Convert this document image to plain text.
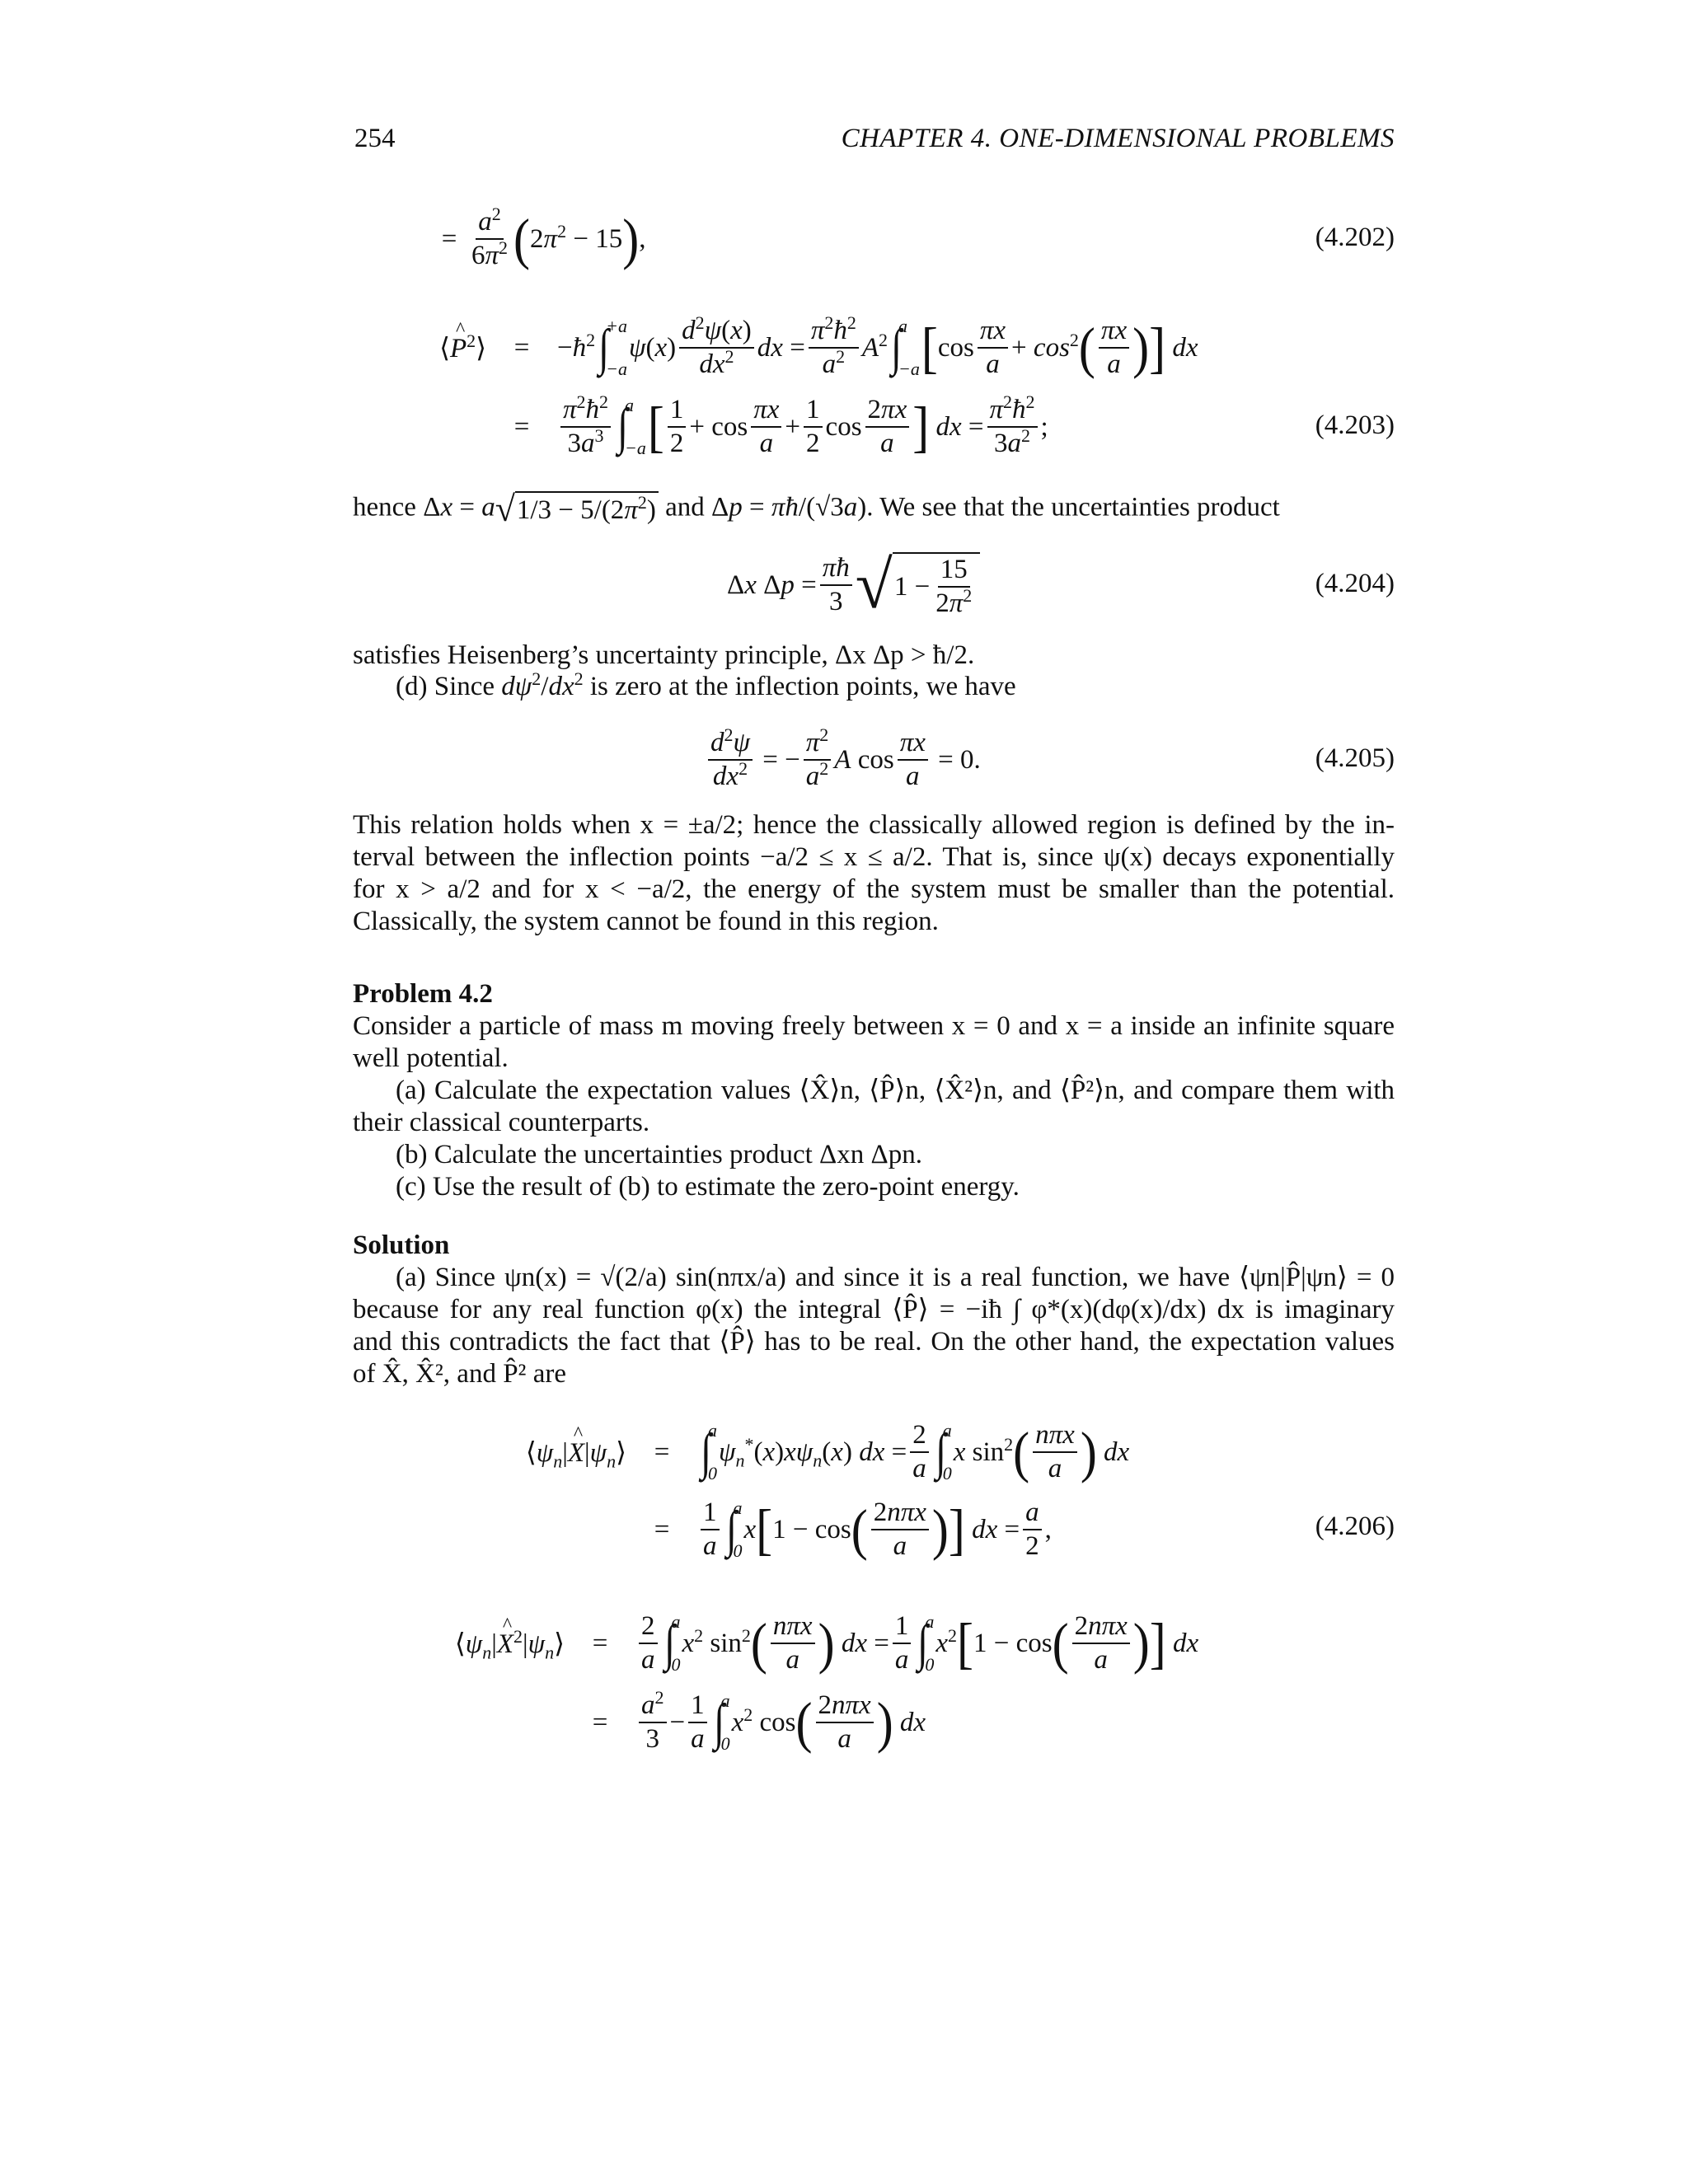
254	CHAPTER 4. ONE-DIMENSIONAL PROBLEMS
= $\frac{a^2}{6\pi^2}$ ( $2\pi^2 - 15$ ) ,	(4.202)
⟨^ $P^2⟩$	=	$-ħ^2$ ∫
+a
−a
$\psi(x) \frac{d^2\psi(x)}{dx^2}$ dx = $\frac{\pi^2ħ^2}{a^2} A^2$ ∫
a
−a [ $\cos \frac{\pi x}{a} + \cos^2$ ( $\frac{\pi x}{a}$ ) ] dx
=	$\frac{\pi^2ħ^2}{3a^3}$ ∫
a
−a [ $\frac{1}{2} + \cos \frac{\pi x}{a} + \frac{1}{2}$ $\cos \frac{2\pi x}{a}$ ] dx = $\frac{\pi^2ħ^2}{3a^2}$ ;	(4.203)
hence Δx = a √ $1/3 - 5/(2\pi^2)$ and Δp = πħ/(√3a). We see that the uncertainties product
Δx $\Delta p = \frac{\pi ħ}{3}$ √ $1 - \frac{15}{2\pi^2}$	(4.204)
satisfies Heisenberg’s uncertainty principle, Δx Δp > ħ/2.
(d) Since $d\psi^2/dx^2$ is zero at the inflection points, we have
$\frac{d^2\psi}{dx^2}$ = − $\frac{\pi^2}{a^2}$ A $\cos \frac{\pi x}{a} = 0$.	(4.205)
This relation holds when x = ±a/2; hence the classically allowed region is defined by the in-
terval between the inflection points −a/2 ≤ x ≤ a/2. That is, since ψ(x) decays exponentially
for x > a/2 and for x < −a/2, the energy of the system must be smaller than the potential.
Classically, the system cannot be found in this region.
Problem 4.2
Consider a particle of mass m moving freely between x = 0 and x = a inside an infinite square
well potential.
(a) Calculate the expectation values ⟨X̂⟩n, ⟨P̂⟩n, ⟨X̂²⟩n, and ⟨P̂²⟩n, and compare them with
their classical counterparts.
(b) Calculate the uncertainties product Δxn Δpn.
(c) Use the result of (b) to estimate the zero-point energy.
Solution
(a) Since ψn(x) = √(2/a) sin(nπx/a) and since it is a real function, we have ⟨ψn|P̂|ψn⟩ = 0
because for any real function φ(x) the integral ⟨P̂⟩ = −iħ ∫ φ*(x)(dφ(x)/dx) dx is imaginary
and this contradicts the fact that ⟨P̂⟩ has to be real. On the other hand, the expectation values
of X̂, X̂², and P̂² are
$⟨\psi_n|\^{}$ $X|\psi_n⟩$	= ∫
a
0
$\psi_n^*(x)x\psi_n(x)$ dx = $\frac{2}{a}$ ∫
a
0
x $\sin^2$ ( $\frac{\text{nπx}}{a}$ ) dx
=	$\frac{1}{a}$ ∫
a
0
x [ 1 − cos ( $\frac{\text{2nπx}}{a}$ ) ] dx = $\frac{a}{2}$ ,	(4.206)
$⟨\psi_n|\^{}$ $X^2|\psi_n⟩$	=	$\frac{2}{a}$ ∫
a
0
$x^2$ $\sin^2$ ( $\frac{\text{nπx}}{a}$ ) dx = $\frac{1}{a}$ ∫
a
0
$x^2$ [ 1 − cos ( $\frac{\text{2nπx}}{a}$ ) ] dx
=	$\frac{a^2}{3} - \frac{1}{a}$ ∫
a
0
$x^2$ cos ( $\frac{\text{2nπx}}{a}$ ) dx
